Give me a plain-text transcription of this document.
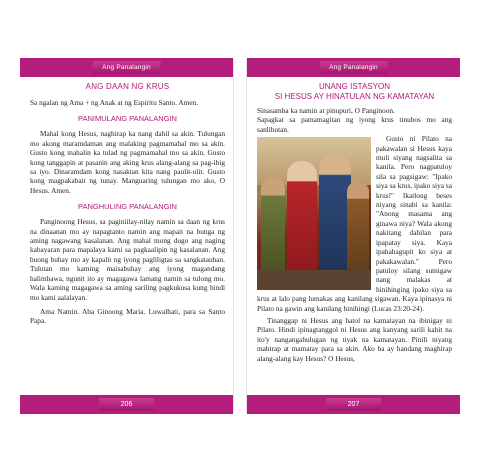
Ang Panalangin
ANG DAAN NG KRUS

Sa ngalan ng Ama + ng Anak at ng Espiritu Santo. Amen.

PANIMULANG PANALANGIN

Mahal kong Hesus, naghirap ka nang dahil sa akin. Tulungan mo akong maramdaman ang malaking pagmamahal mo sa akin. Gusto kong mahalin ka tulad ng pagmamahal mo sa akin. Gusto kong tanggapin at pasanin ang aking krus alang-alang sa pag-ibig sa iyo. Dinaramdam kong nasaktan kita nang paulit-ulit. Gusto kong magpakabait ng tunay. Manguaring tulungan mo ako, O Hesus. Amen.

PANGHULING PANALANGIN

Panginoong Hesus, sa paginiilay-nilay namin sa daan ng krus na dinaanan mo ay napagtanto namin ang mapait na bunga ng aming nagawang kasalanan. Ang mahal mong dugo ang naging kabayaran para mapalaya kami sa pagkaalipin ng kasalanan. Ang buong buhay mo ay kapalit ng iyong pagliligtas sa sangkatauhan. Tulutan mo kaming maisabuhay ang iyong magandang halimbawa, ngunit ito ay magagawa lamang namin sa tulong mo. Wala kaming magagawa sa aming sariling pagkukusa kung hindi mo kami aalalayan.

Ama Namin. Aba Ginoong Maria. Luwalhati, para sa Santo Papa.

206
Ang Panalangin
UNANG ISTASYON
SI HESUS AY HINATULAN NG KAMATAYAN

Sinasamba ka namin at pinupuri, O Panginoon.

Sapagkat sa pamamagitan ng iyong krus tinubos mo ang sanlibutan.

Gusto ni Pilato na pakawalan si Hesus kaya muli siyang nagsalita sa kanila. Pero nagpatuloy sila sa pagsigaw: "Ipako siya sa krus, ipako siya sa krus!" Ikatlong beses niyang sinabi sa kanila: "Anong masama ang ginawa niya? Wala akong nakitang dahilan para ipapatay siya. Kaya ipahahagupit ko siya at pakakawalan." Pero patuloy silang sumigaw nang malakas at hinihinging ipako siya sa krus at lalo pang lumakas ang kanilang sigawan. Kaya ipinasya ni Pilato na gawin ang kanilang hinihingi (Lucas 23:20-24).

Tinanggap ni Hesus ang hatol na kamatayan na ibinigay ni Pilato. Hindi ipinagtanggol ni Hesus ang kanyang sarili kahit na ito'y nangangahulugan ng tiyak na kamatayan. Pinili niyang mahirap at mamatay para sa akin. Ako ba ay handang maghirap alang-alang kay Hesus? O Hesus,

207
